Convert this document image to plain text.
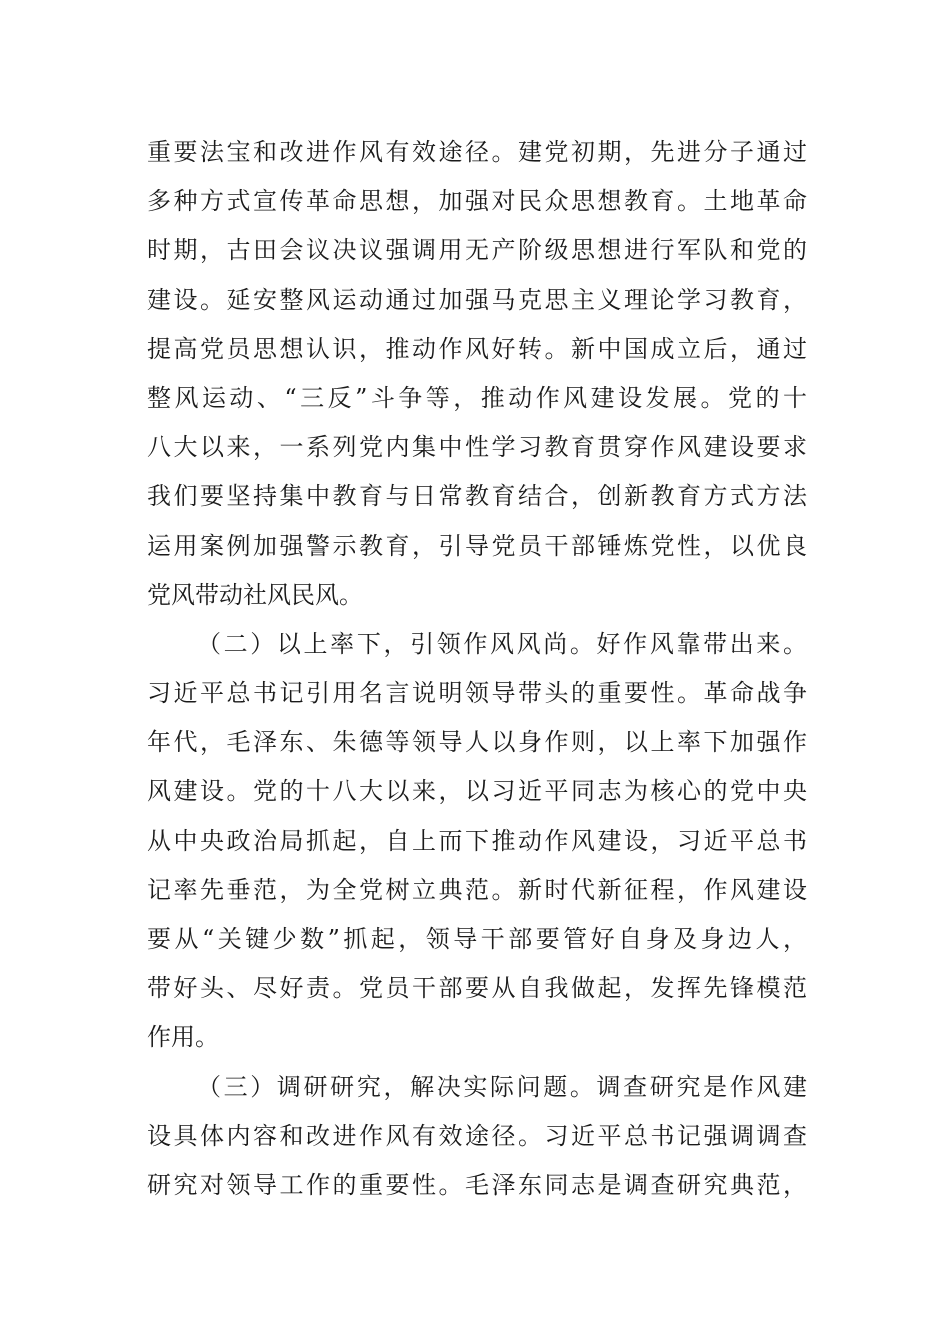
重要法宝和改进作风有效途径。建党初期，先进分子通过
多种方式宣传革命思想，加强对民众思想教育。土地革命
时期，古田会议决议强调用无产阶级思想进行军队和党的
建设。延安整风运动通过加强马克思主义理论学习教育，
提高党员思想认识，推动作风好转。新中国成立后，通过
整风运动、“三反”斗争等，推动作风建设发展。党的十
八大以来，一系列党内集中性学习教育贯穿作风建设要求
我们要坚持集中教育与日常教育结合，创新教育方式方法
运用案例加强警示教育，引导党员干部锤炼党性，以优良
党风带动社风民风。
（二）以上率下，引领作风风尚。好作风靠带出来。
习近平总书记引用名言说明领导带头的重要性。革命战争
年代，毛泽东、朱德等领导人以身作则，以上率下加强作
风建设。党的十八大以来，以习近平同志为核心的党中央
从中央政治局抓起，自上而下推动作风建设，习近平总书
记率先垂范，为全党树立典范。新时代新征程，作风建设
要从“关键少数”抓起，领导干部要管好自身及身边人，
带好头、尽好责。党员干部要从自我做起，发挥先锋模范
作用。
（三）调研研究，解决实际问题。调查研究是作风建
设具体内容和改进作风有效途径。习近平总书记强调调查
研究对领导工作的重要性。毛泽东同志是调查研究典范，
